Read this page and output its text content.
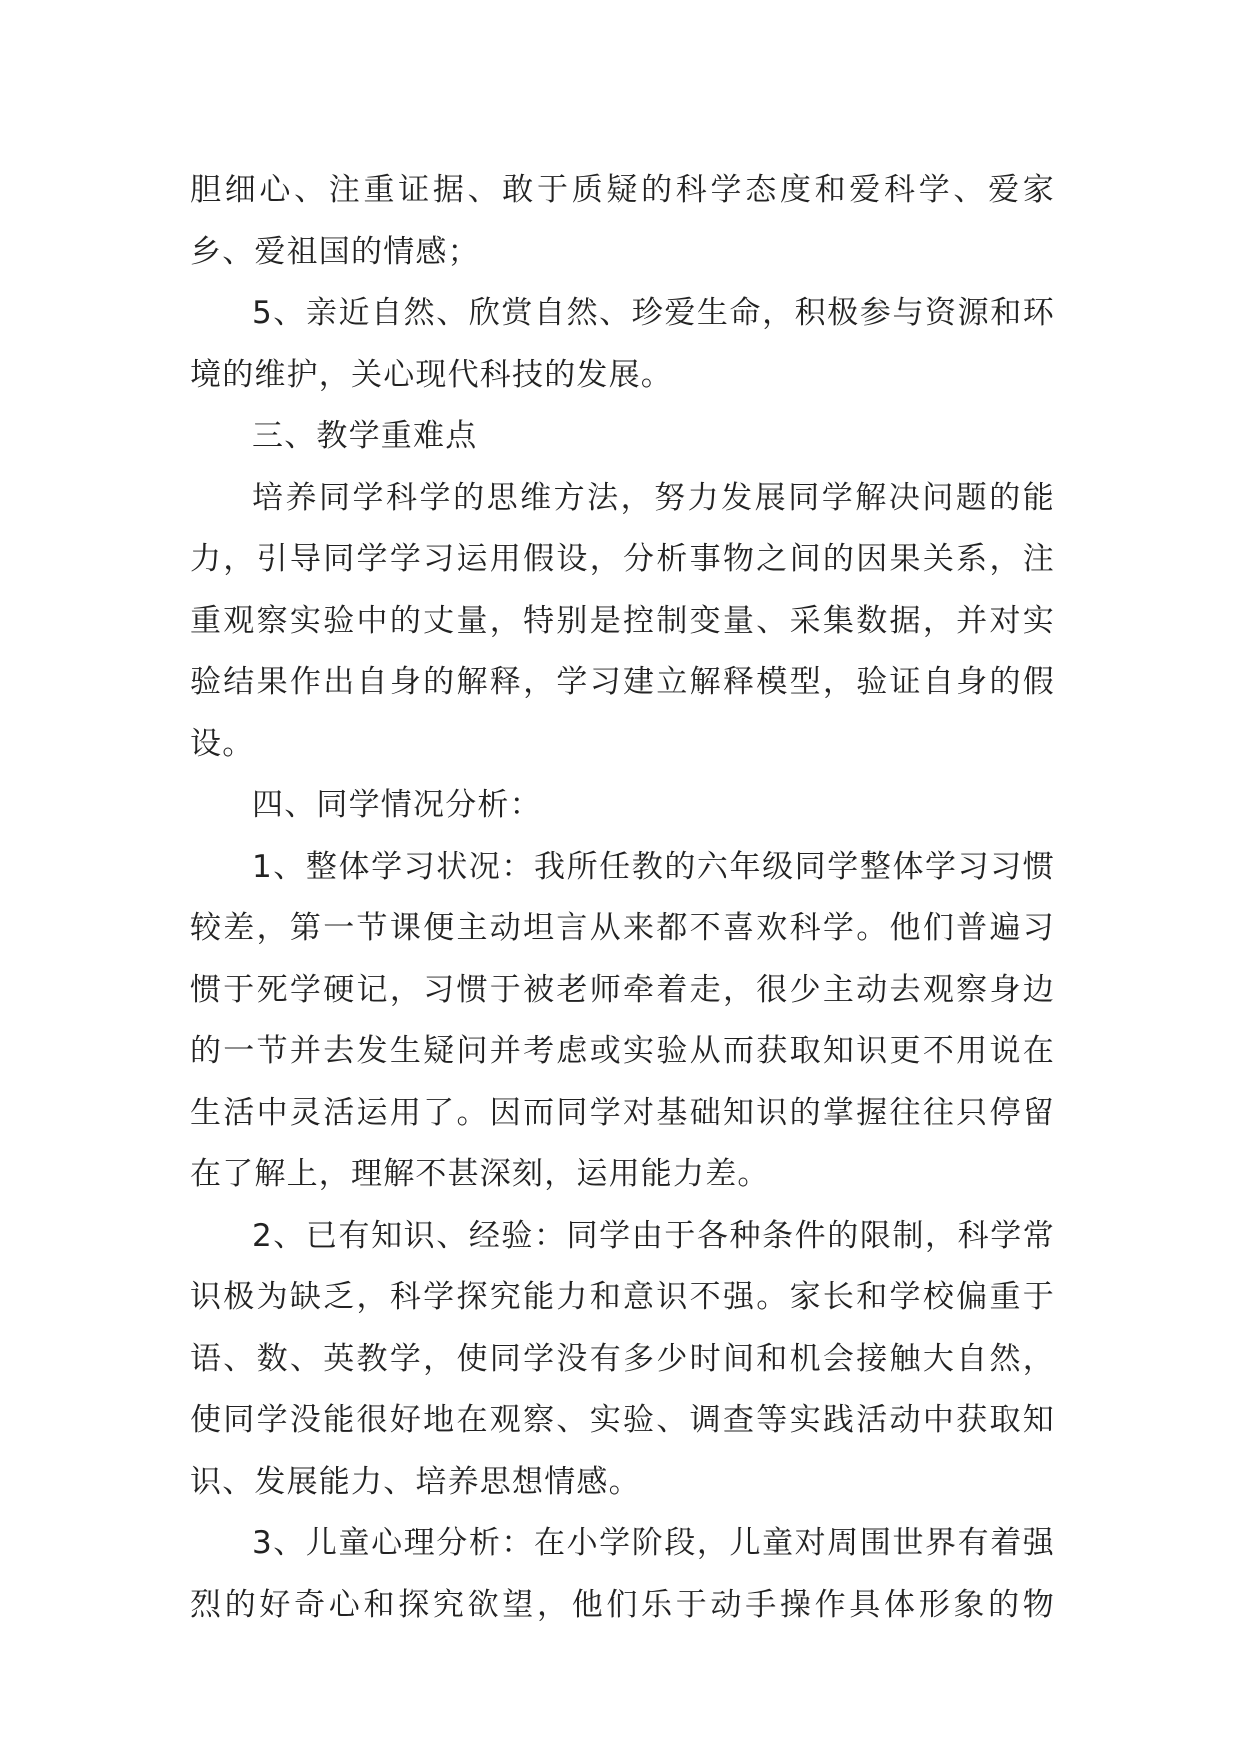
胆细心、注重证据、敢于质疑的科学态度和爱科学、爱家乡、爱祖国的情感；

5、亲近自然、欣赏自然、珍爱生命，积极参与资源和环境的维护，关心现代科技的发展。

三、教学重难点

培养同学科学的思维方法，努力发展同学解决问题的能力，引导同学学习运用假设，分析事物之间的因果关系，注重观察实验中的丈量，特别是控制变量、采集数据，并对实验结果作出自身的解释，学习建立解释模型，验证自身的假设。

四、同学情况分析：

1、整体学习状况：我所任教的六年级同学整体学习习惯较差，第一节课便主动坦言从来都不喜欢科学。他们普遍习惯于死学硬记，习惯于被老师牵着走，很少主动去观察身边的一节并去发生疑问并考虑或实验从而获取知识更不用说在生活中灵活运用了。因而同学对基础知识的掌握往往只停留在了解上，理解不甚深刻，运用能力差。

2、已有知识、经验：同学由于各种条件的限制，科学常识极为缺乏，科学探究能力和意识不强。家长和学校偏重于语、数、英教学，使同学没有多少时间和机会接触大自然，使同学没能很好地在观察、实验、调查等实践活动中获取知识、发展能力、培养思想情感。

3、儿童心理分析：在小学阶段，儿童对周围世界有着强烈的好奇心和探究欲望，他们乐于动手操作具体形象的物
